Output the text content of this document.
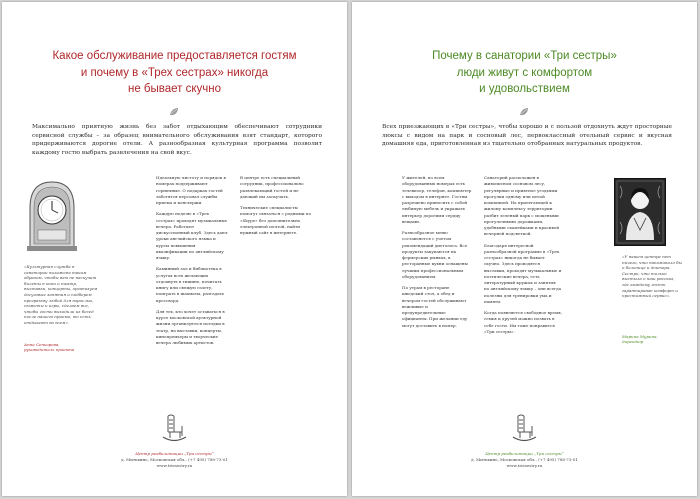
Какое обслуживание предоставляется гостям
и почему в «Трех сестрах» никогда
не бывает скучно
Максимально приятную жизнь без забот отдыхающим обеспечивают сотрудники сервисной службы – за образец внимательного обслуживания взят стандарт, которого придерживаются дорогие отели. А разнообразная культурная программа позволит каждому гостю выбрать развлечения на свой вкус.
«Культурная служба в санатории налажена таким образом, чтобы вам не наскучит билеты в кино и театр, выставки, концерты, организуем досуговые занятия и подберем программу любой для взрослых, сюжеты и игры, сделаем все, чтобы гости выходили из бесед после нашего приема, то есть отдыхают во всем».
Анна Сеньорова,
руководитель проекта

Идеальную чистоту и порядок в номерах поддерживают горничные. О подарках гостей заботятся персонал службы приема и консьержи.

Каждую неделю в «Трех сестрах» проводят музыкальные вечера. Работают дискуссионный клуб. Здесь дают уроки английского языка и курсы повышения квалификации по английскому языку.

Каминный зал и библиотека в услугах всех желающих отдохнуть в тишине, почитать книгу или свежую газету, поиграть в шахматы, разгадать кроссворд.

Для тех, кто хочет оставаться в курсе московской культурной жизни организуются поездки в театр, на выставки, концерты, кинопремьеры и творческие вечера любимых артистов.

В центре есть специальный сотрудник, профессионально развлекающий гостей и не дающий им заскучать.

Технические специалисты помогут связаться с родными по «Skype» без дополнительно электронной почтой, найти нужный сайт в интернете.

Центр реабилитации „Три сестры“
д. Митькино, Московская обл., (+7 495) 788-73-01
www.triesestry.ru
Почему в санатории «Три сестры»
люди живут с комфортом
и удовольствием
Всех приезжающих в «Три сестры», чтобы хорошо и с пользой отдохнуть ждут просторные люксы с видом на парк и сосновый лес, первоклассный отельный сервис и вкусная домашняя еда, приготовленная из тщательно отобранных натуральных продуктов.

У жителей, по всем оборудованных номерах есть телевизор, телефон, компьютер с выходом в интернет. Гостям разрешено приносить с собой любимую мебель и украшать интерьер дорогими сердцу вещами.

Разнообразное меню составляется с учетом рекомендаций диетолога. Все продукты закупаются на фермерских рынках, в ресторанные кухни оснащены лучшим профессиональным оборудованием.

По утрам в ресторане шведский стол, а обед и вечером гостей обслуживают вежливые и предупредительные официанты. При желании еду могут доставить в номер.

Санаторий расположен в живописном сосновом лесу, регулярные и приятное угодьями прогулки одному или целой компанией. На прилегающей к жилому комплексу территории разбит зеленый парк с мощеными прогулочными дорожками, удобными скамейками и красивой вечерней подсветкой.

Благодаря интересной разнообразной программе в «Трех сестрах» никогда не бывает скучно. Здесь проводятся выставки, проходят музыкальные и поэтические вечера, есть литературный кружок и занятия по английскому языку – они всегда полезны для тренировки ума и памяти.

Когда появляется свободное время, семья и друзей можно позвать в себе гости. Им тоже понравится «Три сестры».

«У нашем центре нет ничего, что напоминало бы о больнице и доктора. Сестро, что только выстыла о наш рассказ, где каждому гостю гарантирован комфорт и престижный сервис».
Марина Мурина,
директор
Центр реабилитации „Три сестры“
д. Митькино, Московская обл., (+7 495) 788-73-01
www.triesestry.ru
